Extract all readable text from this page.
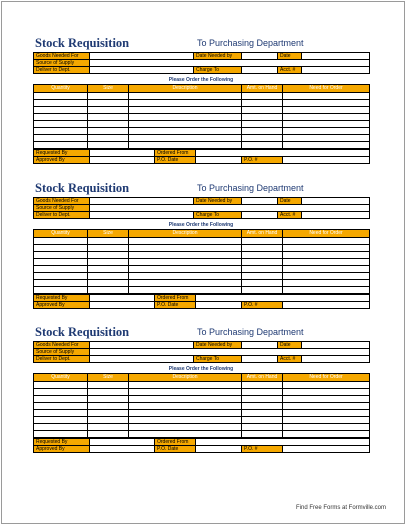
Stock Requisition	To Purchasing Department
Goods Needed For		Date Needed by		Date	
Source of Supply					
Deliver to Dept.		Charge To		Acct. #	
Please Order the Following
Quantity	Size	Description	Amt. on Hand	Need for Order

Requested By		Ordered From			
Approved By		P.O. Date		P.O. #	
Stock Requisition	To Purchasing Department
Goods Needed For		Date Needed by		Date	
Source of Supply					
Deliver to Dept.		Charge To		Acct. #	
Please Order the Following
Quantity	Size	Description	Amt. on Hand	Need for Order

Requested By		Ordered From			
Approved By		P.O. Date		P.O. #	
Stock Requisition	To Purchasing Department
Goods Needed For		Date Needed by		Date	
Source of Supply					
Deliver to Dept.		Charge To		Acct. #	
Please Order the Following
Quantity	Size	Description	Amt. on Hand	Need for Order

Requested By		Ordered From			
Approved By		P.O. Date		P.O. #	
Find Free Forms at Formville.com
